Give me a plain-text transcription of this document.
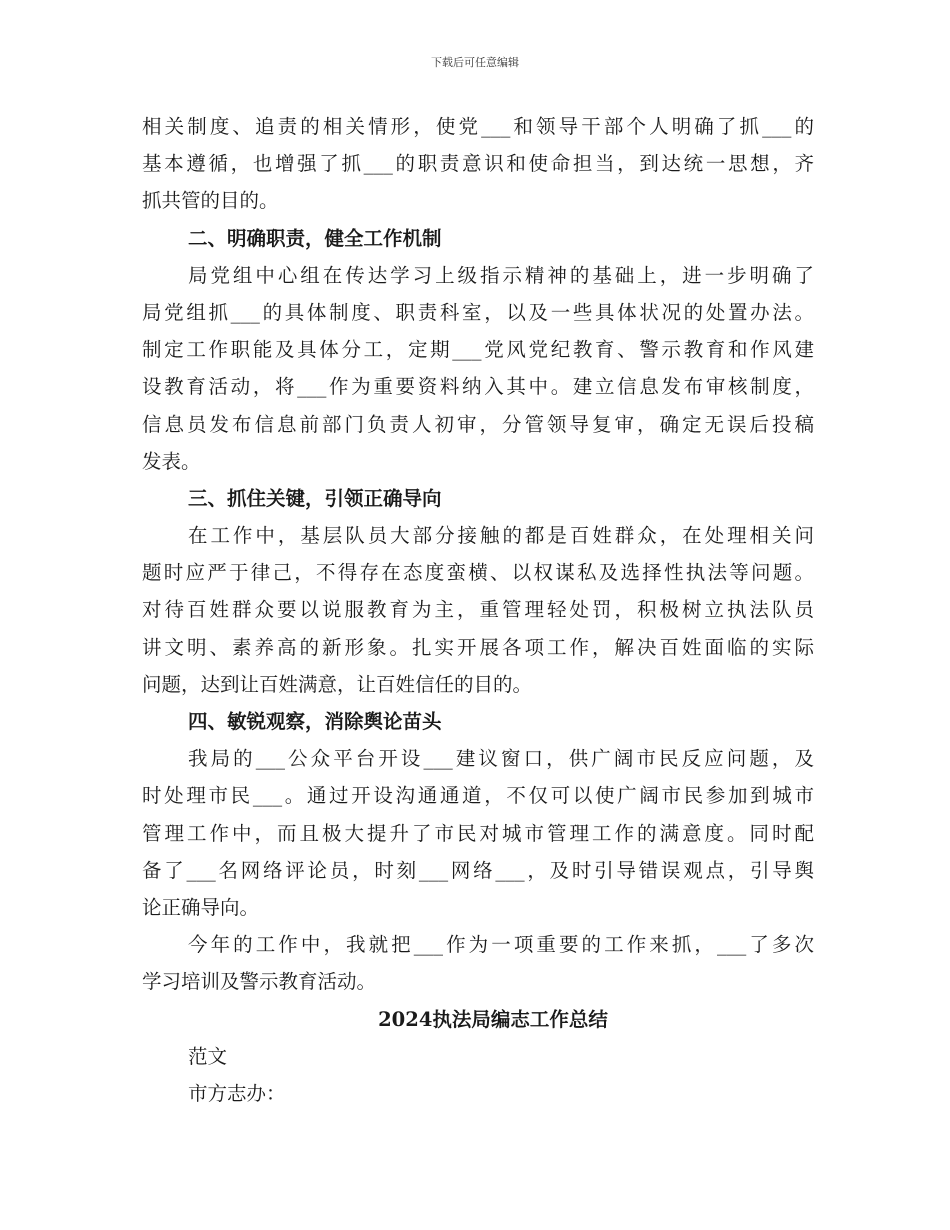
下载后可任意编辑
相关制度、追责的相关情形，使党___和领导干部个人明确了抓___的
基本遵循，也增强了抓___的职责意识和使命担当，到达统一思想，齐
抓共管的目的。
二、明确职责，健全工作机制
局党组中心组在传达学习上级指示精神的基础上，进一步明确了
局党组抓___的具体制度、职责科室，以及一些具体状况的处置办法。
制定工作职能及具体分工，定期___党风党纪教育、警示教育和作风建
设教育活动，将___作为重要资料纳入其中。建立信息发布审核制度，
信息员发布信息前部门负责人初审，分管领导复审，确定无误后投稿
发表。
三、抓住关键，引领正确导向
在工作中，基层队员大部分接触的都是百姓群众，在处理相关问
题时应严于律己，不得存在态度蛮横、以权谋私及选择性执法等问题。
对待百姓群众要以说服教育为主，重管理轻处罚，积极树立执法队员
讲文明、素养高的新形象。扎实开展各项工作，解决百姓面临的实际
问题，达到让百姓满意，让百姓信任的目的。
四、敏锐观察，消除舆论苗头
我局的___公众平台开设___建议窗口，供广阔市民反应问题，及
时处理市民___。通过开设沟通通道，不仅可以使广阔市民参加到城市
管理工作中，而且极大提升了市民对城市管理工作的满意度。同时配
备了___名网络评论员，时刻___网络___，及时引导错误观点，引导舆
论正确导向。
今年的工作中，我就把___作为一项重要的工作来抓，___了多次
学习培训及警示教育活动。
2024执法局编志工作总结
范文
市方志办：
